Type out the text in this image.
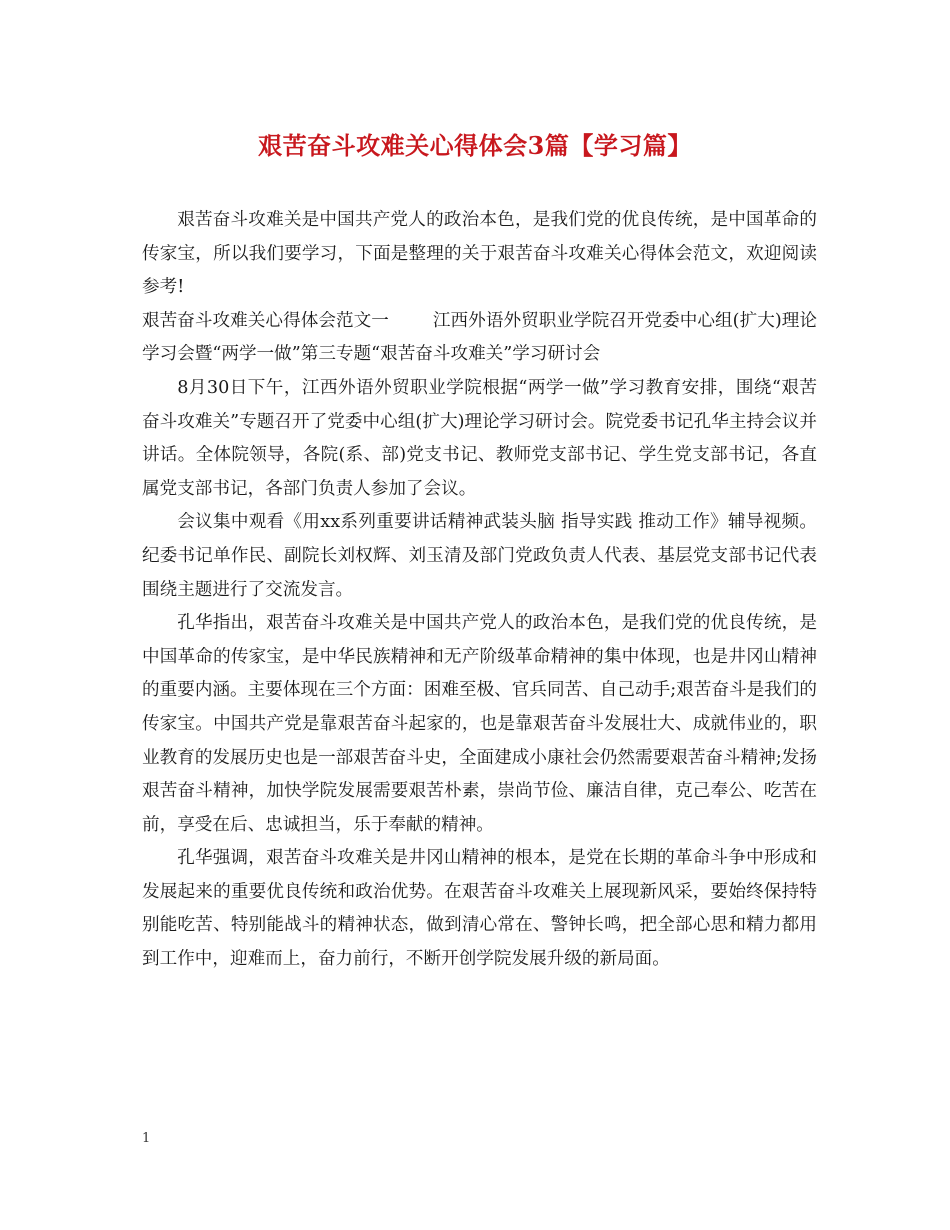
艰苦奋斗攻难关心得体会3篇【学习篇】

艰苦奋斗攻难关是中国共产党人的政治本色，是我们党的优良传统，是中国革命的传家宝，所以我们要学习，下面是整理的关于艰苦奋斗攻难关心得体会范文，欢迎阅读参考!

艰苦奋斗攻难关心得体会范文一	江西外语外贸职业学院召开党委中心组(扩大)理论学习会暨“两学一做”第三专题“艰苦奋斗攻难关”学习研讨会

8月30日下午，江西外语外贸职业学院根据“两学一做”学习教育安排，围绕“艰苦奋斗攻难关”专题召开了党委中心组(扩大)理论学习研讨会。院党委书记孔华主持会议并讲话。全体院领导，各院(系、部)党支书记、教师党支部书记、学生党支部书记，各直属党支部书记，各部门负责人参加了会议。

会议集中观看《用xx系列重要讲话精神武装头脑 指导实践 推动工作》辅导视频。纪委书记单作民、副院长刘权辉、刘玉清及部门党政负责人代表、基层党支部书记代表围绕主题进行了交流发言。

孔华指出，艰苦奋斗攻难关是中国共产党人的政治本色，是我们党的优良传统，是中国革命的传家宝，是中华民族精神和无产阶级革命精神的集中体现，也是井冈山精神的重要内涵。主要体现在三个方面：困难至极、官兵同苦、自己动手;艰苦奋斗是我们的传家宝。中国共产党是靠艰苦奋斗起家的，也是靠艰苦奋斗发展壮大、成就伟业的，职业教育的发展历史也是一部艰苦奋斗史，全面建成小康社会仍然需要艰苦奋斗精神;发扬艰苦奋斗精神，加快学院发展需要艰苦朴素，崇尚节俭、廉洁自律，克己奉公、吃苦在前，享受在后、忠诚担当，乐于奉献的精神。

孔华强调，艰苦奋斗攻难关是井冈山精神的根本，是党在长期的革命斗争中形成和发展起来的重要优良传统和政治优势。在艰苦奋斗攻难关上展现新风采，要始终保持特别能吃苦、特别能战斗的精神状态，做到清心常在、警钟长鸣，把全部心思和精力都用到工作中，迎难而上，奋力前行，不断开创学院发展升级的新局面。

1
